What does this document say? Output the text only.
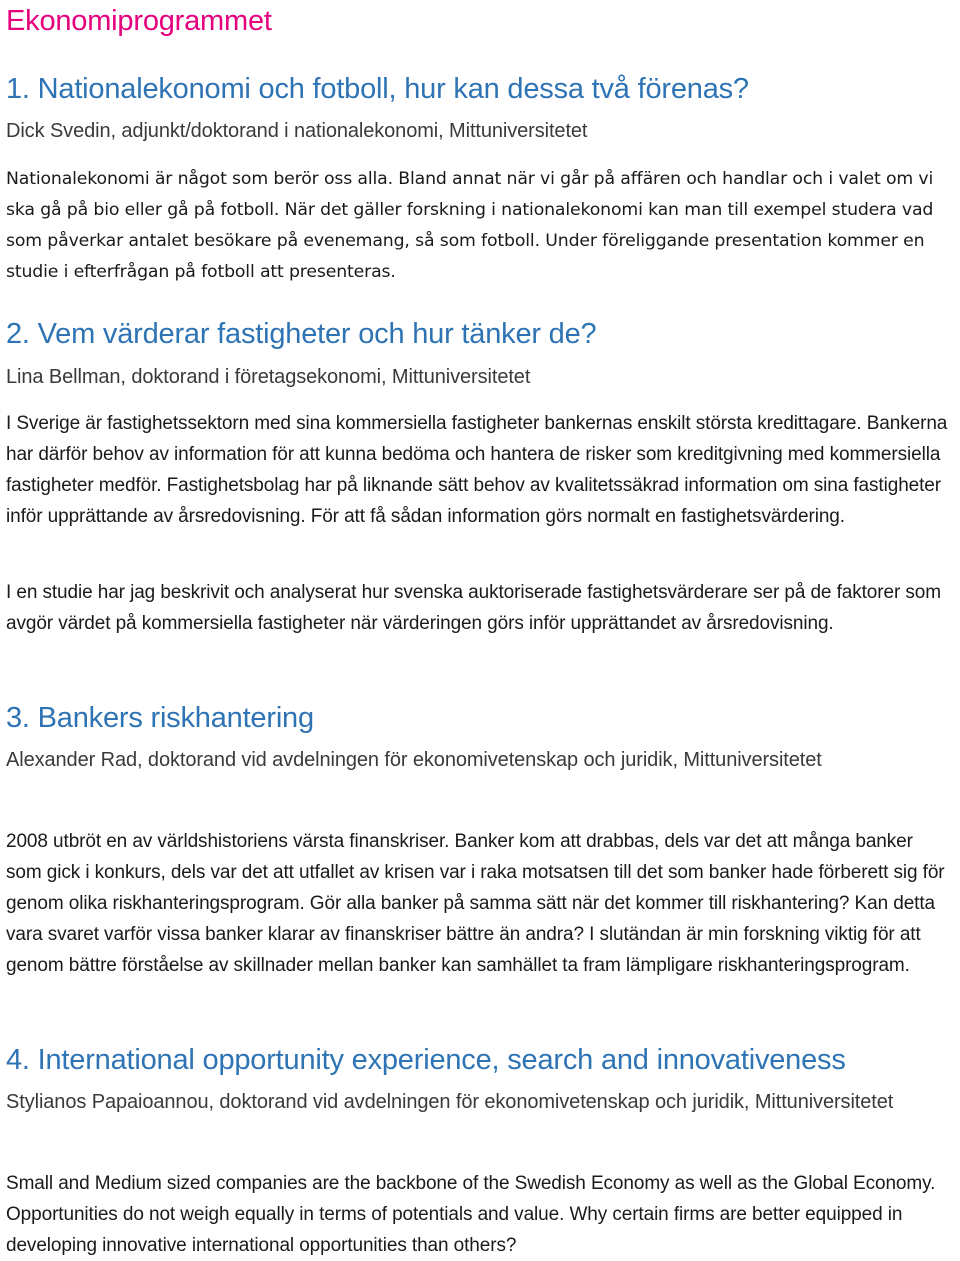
Ekonomiprogrammet
1. Nationalekonomi och fotboll, hur kan dessa två förenas?

Dick Svedin, adjunkt/doktorand i nationalekonomi, Mittuniversitetet

Nationalekonomi är något som berör oss alla. Bland annat när vi går på affären och handlar och i valet om vi ska gå på bio eller gå på fotboll. När det gäller forskning i nationalekonomi kan man till exempel studera vad som påverkar antalet besökare på evenemang, så som fotboll. Under föreliggande presentation kommer en studie i efterfrågan på fotboll att presenteras.

2. Vem värderar fastigheter och hur tänker de?

Lina Bellman, doktorand i företagsekonomi, Mittuniversitetet

I Sverige är fastighetssektorn med sina kommersiella fastigheter bankernas enskilt största kredittagare. Bankerna har därför behov av information för att kunna bedöma och hantera de risker som kreditgivning med kommersiella fastigheter medför. Fastighetsbolag har på liknande sätt behov av kvalitetssäkrad information om sina fastigheter inför upprättande av årsredovisning. För att få sådan information görs normalt en fastighetsvärdering.

I en studie har jag beskrivit och analyserat hur svenska auktoriserade fastighetsvärderare ser på de faktorer som avgör värdet på kommersiella fastigheter när värderingen görs inför upprättandet av årsredovisning.

3. Bankers riskhantering

Alexander Rad, doktorand vid avdelningen för ekonomivetenskap och juridik, Mittuniversitetet

2008 utbröt en av världshistoriens värsta finanskriser. Banker kom att drabbas, dels var det att många banker som gick i konkurs, dels var det att utfallet av krisen var i raka motsatsen till det som banker hade förberett sig för genom olika riskhanteringsprogram. Gör alla banker på samma sätt när det kommer till riskhantering? Kan detta vara svaret varför vissa banker klarar av finanskriser bättre än andra? I slutändan är min forskning viktig för att genom bättre förståelse av skillnader mellan banker kan samhället ta fram lämpligare riskhanteringsprogram.

4. International opportunity experience, search and innovativeness

Stylianos Papaioannou, doktorand vid avdelningen för ekonomivetenskap och juridik, Mittuniversitetet

Small and Medium sized companies are the backbone of the Swedish Economy as well as the Global Economy. Opportunities do not weigh equally in terms of potentials and value. Why certain firms are better equipped in developing innovative international opportunities than others?
